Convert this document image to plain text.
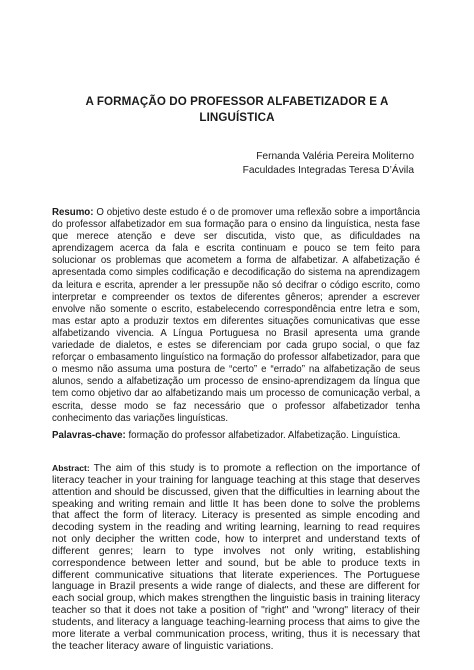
A FORMAÇÃO DO PROFESSOR ALFABETIZADOR E A
LINGUÍSTICA
Fernanda Valéria Pereira Moliterno
Faculdades Integradas Teresa D’Ávila
Resumo: O objetivo deste estudo é o de promover uma reflexão sobre a importância do professor alfabetizador em sua formação para o ensino da linguística, nesta fase que merece atenção e deve ser discutida, visto que, as dificuldades na aprendizagem acerca da fala e escrita continuam e pouco se tem feito para solucionar os problemas que acometem a forma de alfabetizar. A alfabetização é apresentada como simples codificação e decodificação do sistema na aprendizagem da leitura e escrita, aprender a ler pressupõe não só decifrar o código escrito, como interpretar e compreender os textos de diferentes gêneros; aprender a escrever envolve não somente o escrito, estabelecendo correspondência entre letra e som, mas estar apto a produzir textos em diferentes situações comunicativas que esse alfabetizando vivencia. A Língua Portuguesa no Brasil apresenta uma grande variedade de dialetos, e estes se diferenciam por cada grupo social, o que faz reforçar o embasamento linguístico na formação do professor alfabetizador, para que o mesmo não assuma uma postura de “certo” e “errado” na alfabetização de seus alunos, sendo a alfabetização um processo de ensino-aprendizagem da língua que tem como objetivo dar ao alfabetizando mais um processo de comunicação verbal, a escrita, desse modo se faz necessário que o professor alfabetizador tenha conhecimento das variações linguísticas.
Palavras-chave: formação do professor alfabetizador. Alfabetização. Linguística.
Abstract: The aim of this study is to promote a reflection on the importance of literacy teacher in your training for language teaching at this stage that deserves attention and should be discussed, given that the difficulties in learning about the speaking and writing remain and little It has been done to solve the problems that affect the form of literacy. Literacy is presented as simple encoding and decoding system in the reading and writing learning, learning to read requires not only decipher the written code, how to interpret and understand texts of different genres; learn to type involves not only writing, establishing correspondence between letter and sound, but be able to produce texts in different communicative situations that literate experiences. The Portuguese language in Brazil presents a wide range of dialects, and these are different for each social group, which makes strengthen the linguistic basis in training literacy teacher so that it does not take a position of "right" and "wrong" literacy of their students, and literacy a language teaching-learning process that aims to give the more literate a verbal communication process, writing, thus it is necessary that the teacher literacy aware of linguistic variations.
